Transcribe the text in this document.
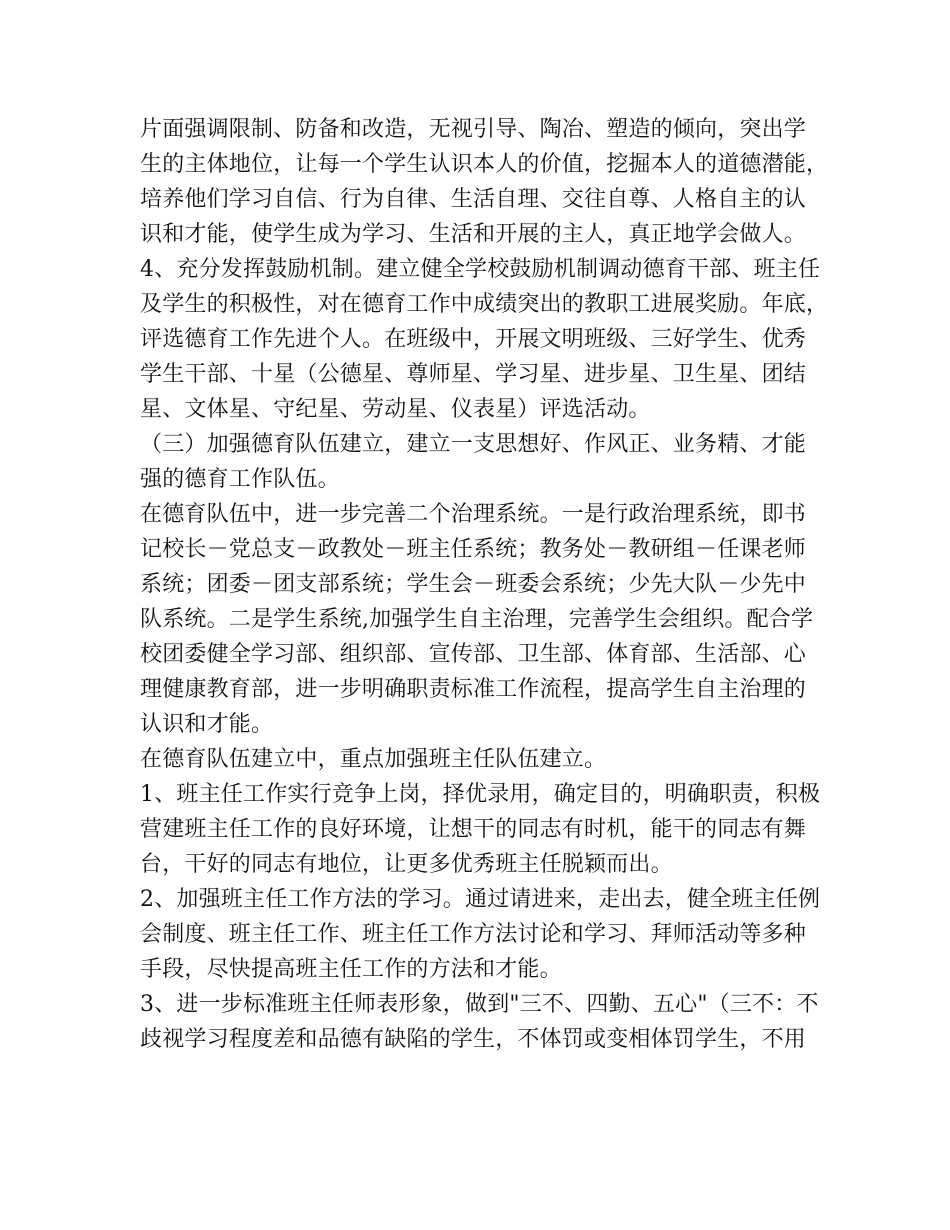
片面强调限制、防备和改造，无视引导、陶冶、塑造的倾向，突出学
生的主体地位，让每一个学生认识本人的价值，挖掘本人的道德潜能，
培养他们学习自信、行为自律、生活自理、交往自尊、人格自主的认
识和才能，使学生成为学习、生活和开展的主人，真正地学会做人。
4、充分发挥鼓励机制。建立健全学校鼓励机制调动德育干部、班主任
及学生的积极性，对在德育工作中成绩突出的教职工进展奖励。年底，
评选德育工作先进个人。在班级中，开展文明班级、三好学生、优秀
学生干部、十星（公德星、尊师星、学习星、进步星、卫生星、团结
星、文体星、守纪星、劳动星、仪表星）评选活动。
（三）加强德育队伍建立，建立一支思想好、作风正、业务精、才能
强的德育工作队伍。
在德育队伍中，进一步完善二个治理系统。一是行政治理系统，即书
记校长－党总支－政教处－班主任系统；教务处－教研组－任课老师
系统；团委－团支部系统；学生会－班委会系统；少先大队－少先中
队系统。二是学生系统,加强学生自主治理，完善学生会组织。配合学
校团委健全学习部、组织部、宣传部、卫生部、体育部、生活部、心
理健康教育部，进一步明确职责标准工作流程，提高学生自主治理的
认识和才能。
在德育队伍建立中，重点加强班主任队伍建立。
1、班主任工作实行竞争上岗，择优录用，确定目的，明确职责，积极
营建班主任工作的良好环境，让想干的同志有时机，能干的同志有舞
台，干好的同志有地位，让更多优秀班主任脱颖而出。
2、加强班主任工作方法的学习。通过请进来，走出去，健全班主任例
会制度、班主任工作、班主任工作方法讨论和学习、拜师活动等多种
手段，尽快提高班主任工作的方法和才能。
3、进一步标准班主任师表形象，做到"三不、四勤、五心"（三不：不
歧视学习程度差和品德有缺陷的学生，不体罚或变相体罚学生，不用
